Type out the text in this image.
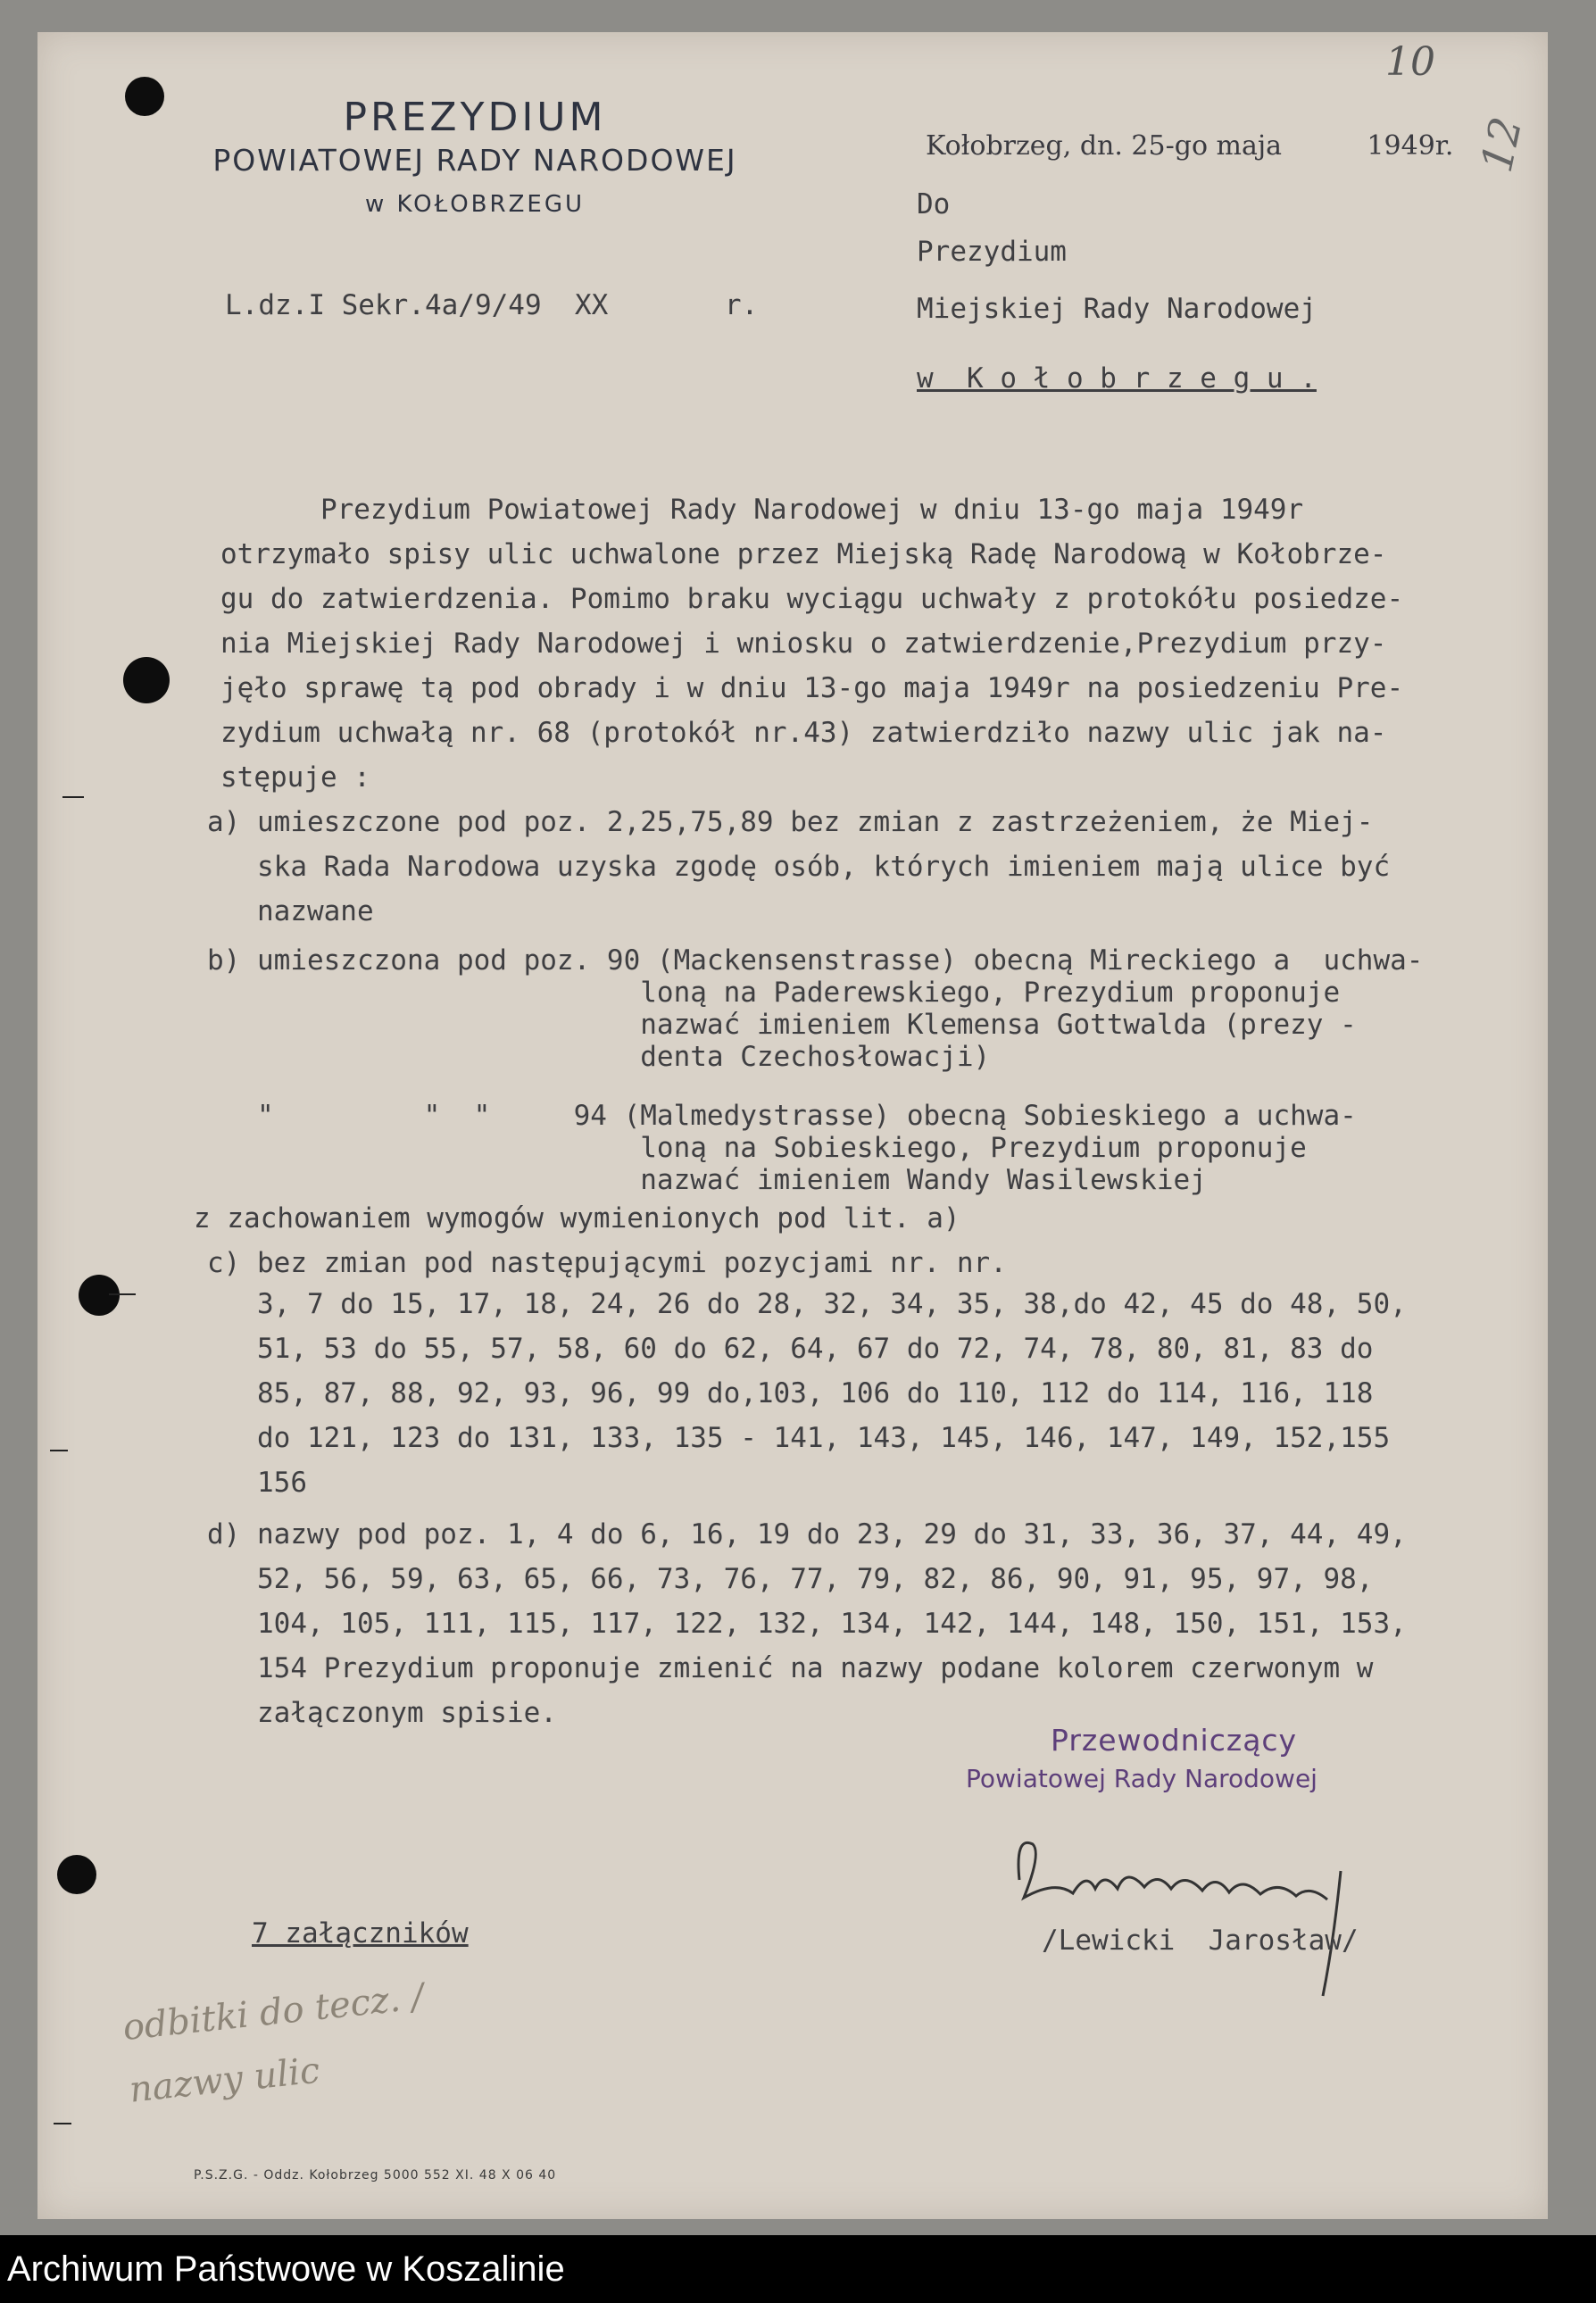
PREZYDIUM
POWIATOWEJ RADY NARODOWEJ
w KOŁOBRZEGU
L.dz.I Sekr.4a/9/49  XX       r.
Kołobrzeg, dn. 25-go maja          1949r.
10
12
Do
Prezydium
Miejskiej Rady Narodowej
w  K o ł o b r z e g u .
Prezydium Powiatowej Rady Narodowej w dniu 13-go maja 1949r
otrzymało spisy ulic uchwalone przez Miejską Radę Narodową w Kołobrze-
gu do zatwierdzenia. Pomimo braku wyciągu uchwały z protokółu posiedze-
nia Miejskiej Rady Narodowej i wniosku o zatwierdzenie,Prezydium przy-
jęło sprawę tą pod obrady i w dniu 13-go maja 1949r na posiedzeniu Pre-
zydium uchwałą nr. 68 (protokół nr.43) zatwierdziło nazwy ulic jak na-
stępuje :
a) umieszczone pod poz. 2,25,75,89 bez zmian z zastrzeżeniem, że Miej-
ska Rada Narodowa uzyska zgodę osób, których imieniem mają ulice być
nazwane
b) umieszczona pod poz. 90 (Mackensenstrasse) obecną Mireckiego a  uchwa-
loną na Paderewskiego, Prezydium proponuje
nazwać imieniem Klemensa Gottwalda (prezy -
denta Czechosłowacji)
"         "  "     94 (Malmedystrasse) obecną Sobieskiego a uchwa-
loną na Sobieskiego, Prezydium proponuje
nazwać imieniem Wandy Wasilewskiej
z zachowaniem wymogów wymienionych pod lit. a)
c) bez zmian pod następującymi pozycjami nr. nr.
3, 7 do 15, 17, 18, 24, 26 do 28, 32, 34, 35, 38,do 42, 45 do 48, 50,
51, 53 do 55, 57, 58, 60 do 62, 64, 67 do 72, 74, 78, 80, 81, 83 do
85, 87, 88, 92, 93, 96, 99 do,103, 106 do 110, 112 do 114, 116, 118
do 121, 123 do 131, 133, 135 - 141, 143, 145, 146, 147, 149, 152,155
156
d) nazwy pod poz. 1, 4 do 6, 16, 19 do 23, 29 do 31, 33, 36, 37, 44, 49,
52, 56, 59, 63, 65, 66, 73, 76, 77, 79, 82, 86, 90, 91, 95, 97, 98,
104, 105, 111, 115, 117, 122, 132, 134, 142, 144, 148, 150, 151, 153,
154 Prezydium proponuje zmienić na nazwy podane kolorem czerwonym w
załączonym spisie.
Przewodniczący
Powiatowej Rady Narodowej
7 załączników	/Lewicki  Jarosław/
odbitki do tecz. / nazwy ulic
P.S.Z.G. - Oddz. Kołobrzeg 5000 552 XI. 48 X 06 40
Archiwum Państwowe w Koszalinie
